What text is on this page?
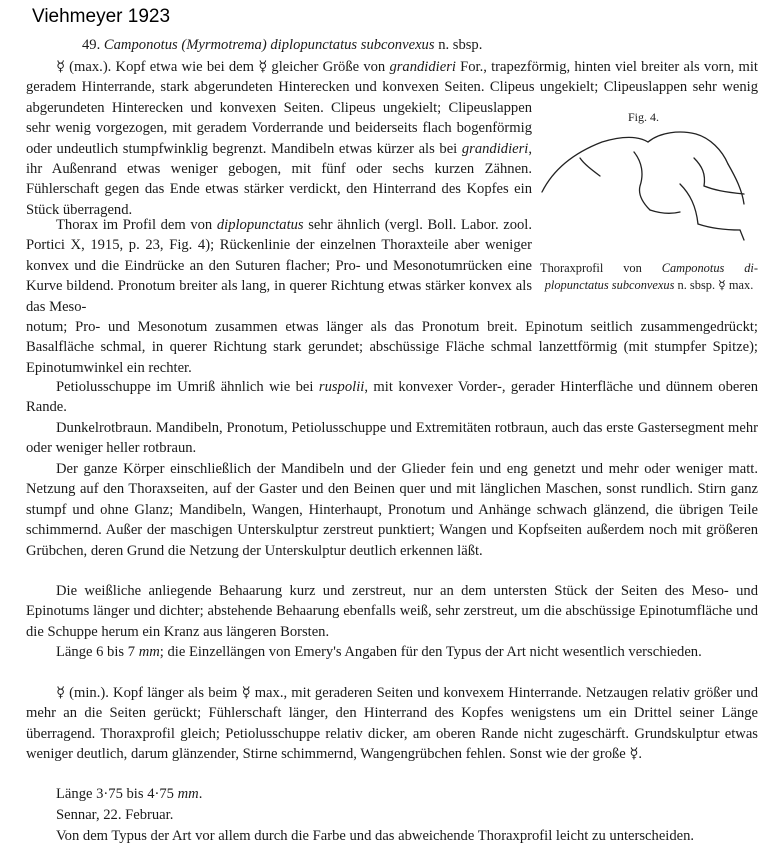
Viehmeyer 1923

49. Camponotus (Myrmotrema) diplopunctatus subconvexus n. sbsp.

☿ (max.). Kopf etwa wie bei dem ☿ gleicher Größe von grandidieri For., trapezförmig, hinten viel breiter als vorn, mit geradem Hinterrande, stark abgerundeten Hinterecken und konvexen Seiten. Clipeus ungekielt; Clipeuslappen sehr wenig

abgerundeten Hinterecken und konvexen Seiten. Clipeus ungekielt; Clipeuslappen sehr wenig vorgezogen, mit geradem Vorderrande und beiderseits flach bogenförmig oder undeutlich stumpfwinklig begrenzt. Mandibeln etwas kürzer als bei grandidieri, ihr Außenrand etwas weniger gebogen, mit fünf oder sechs kurzen Zähnen. Fühlerschaft gegen das Ende etwas stärker verdickt, den Hinterrand des Kopfes ein Stück überragend.

Fig. 4.

Thoraxprofil von Camponotus di- plopunctatus subconvexus n. sbsp. ☿ max.

Thorax im Profil dem von diplopunctatus sehr ähnlich (vergl. Boll. Labor. zool. Portici X, 1915, p. 23, Fig. 4); Rückenlinie der einzelnen Thoraxteile aber weniger konvex und die Eindrücke an den Suturen flacher; Pro- und Mesonotumrücken eine Kurve bildend. Pronotum breiter als lang, in querer Richtung etwas stärker konvex als das Meso-

notum; Pro- und Mesonotum zusammen etwas länger als das Pronotum breit. Epinotum seitlich zusammengedrückt; Basalfläche schmal, in querer Richtung stark gerundet; abschüssige Fläche schmal lanzettförmig (mit stumpfer Spitze); Epinotumwinkel ein rechter.

Petiolusschuppe im Umriß ähnlich wie bei ruspolii, mit konvexer Vorder-, gerader Hinterfläche und dünnem oberen Rande.

Dunkelrotbraun. Mandibeln, Pronotum, Petiolusschuppe und Extremitäten rotbraun, auch das erste Gastersegment mehr oder weniger heller rotbraun.

Der ganze Körper einschließlich der Mandibeln und der Glieder fein und eng genetzt und mehr oder weniger matt. Netzung auf den Thoraxseiten, auf der Gaster und den Beinen quer und mit länglichen Maschen, sonst rundlich. Stirn ganz stumpf und ohne Glanz; Mandibeln, Wangen, Hinterhaupt, Pronotum und Anhänge schwach glänzend, die übrigen Teile schimmernd. Außer der maschigen Unterskulptur zerstreut punktiert; Wangen und Kopfseiten außerdem noch mit größeren Grübchen, deren Grund die Netzung der Unterskulptur deutlich erkennen läßt.

Die weißliche anliegende Behaarung kurz und zerstreut, nur an dem untersten Stück der Seiten des Meso- und Epinotums länger und dichter; abstehende Behaarung ebenfalls weiß, sehr zerstreut, um die abschüssige Epinotumfläche und die Schuppe herum ein Kranz aus längeren Borsten.

Länge 6 bis 7 mm; die Einzellängen von Emery's Angaben für den Typus der Art nicht wesentlich verschieden.

☿ (min.). Kopf länger als beim ☿ max., mit geraderen Seiten und konvexem Hinterrande. Netzaugen relativ größer und mehr an die Seiten gerückt; Fühlerschaft länger, den Hinterrand des Kopfes wenigstens um ein Drittel seiner Länge überragend. Thoraxprofil gleich; Petiolusschuppe relativ dicker, am oberen Rande nicht zugeschärft. Grundskulptur etwas weniger deutlich, darum glänzender, Stirne schimmernd, Wangengrübchen fehlen. Sonst wie der große ☿.

Länge 3·75 bis 4·75 mm.

Sennar, 22. Februar.

Von dem Typus der Art vor allem durch die Farbe und das abweichende Thoraxprofil leicht zu unterscheiden.
